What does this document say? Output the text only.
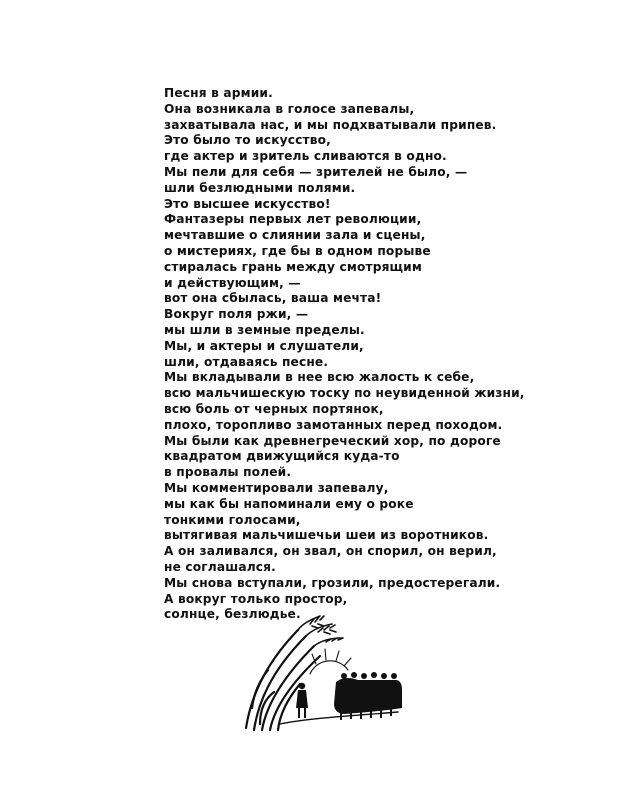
Песня в армии.
Она возникала в голосе запевалы,
захватывала нас, и мы подхватывали припев.
Это было то искусство,
где актер и зритель сливаются в одно.
Мы пели для себя — зрителей не было, —
шли безлюдными полями.
Это высшее искусство!
Фантазеры первых лет революции,
мечтавшие о слиянии зала и сцены,
о мистериях, где бы в одном порыве
стиралась грань между смотрящим
и действующим, —
вот она сбылась, ваша мечта!
Вокруг поля ржи, —
мы шли в земные пределы.
Мы, и актеры и слушатели,
шли, отдаваясь песне.
Мы вкладывали в нее всю жалость к себе,
всю мальчишескую тоску по неувиденной жизни,
всю боль от черных портянок,
плохо, торопливо замотанных перед походом.
Мы были как древнегреческий хор, по дороге
квадратом движущийся куда-то
в провалы полей.
Мы комментировали запевалу,
мы как бы напоминали ему о роке
тонкими голосами,
вытягивая мальчишечьи шеи из воротников.
А он заливался, он звал, он спорил, он верил,
не соглашался.
Мы снова вступали, грозили, предостерегали.
А вокруг только простор,
солнце, безлюдье.
